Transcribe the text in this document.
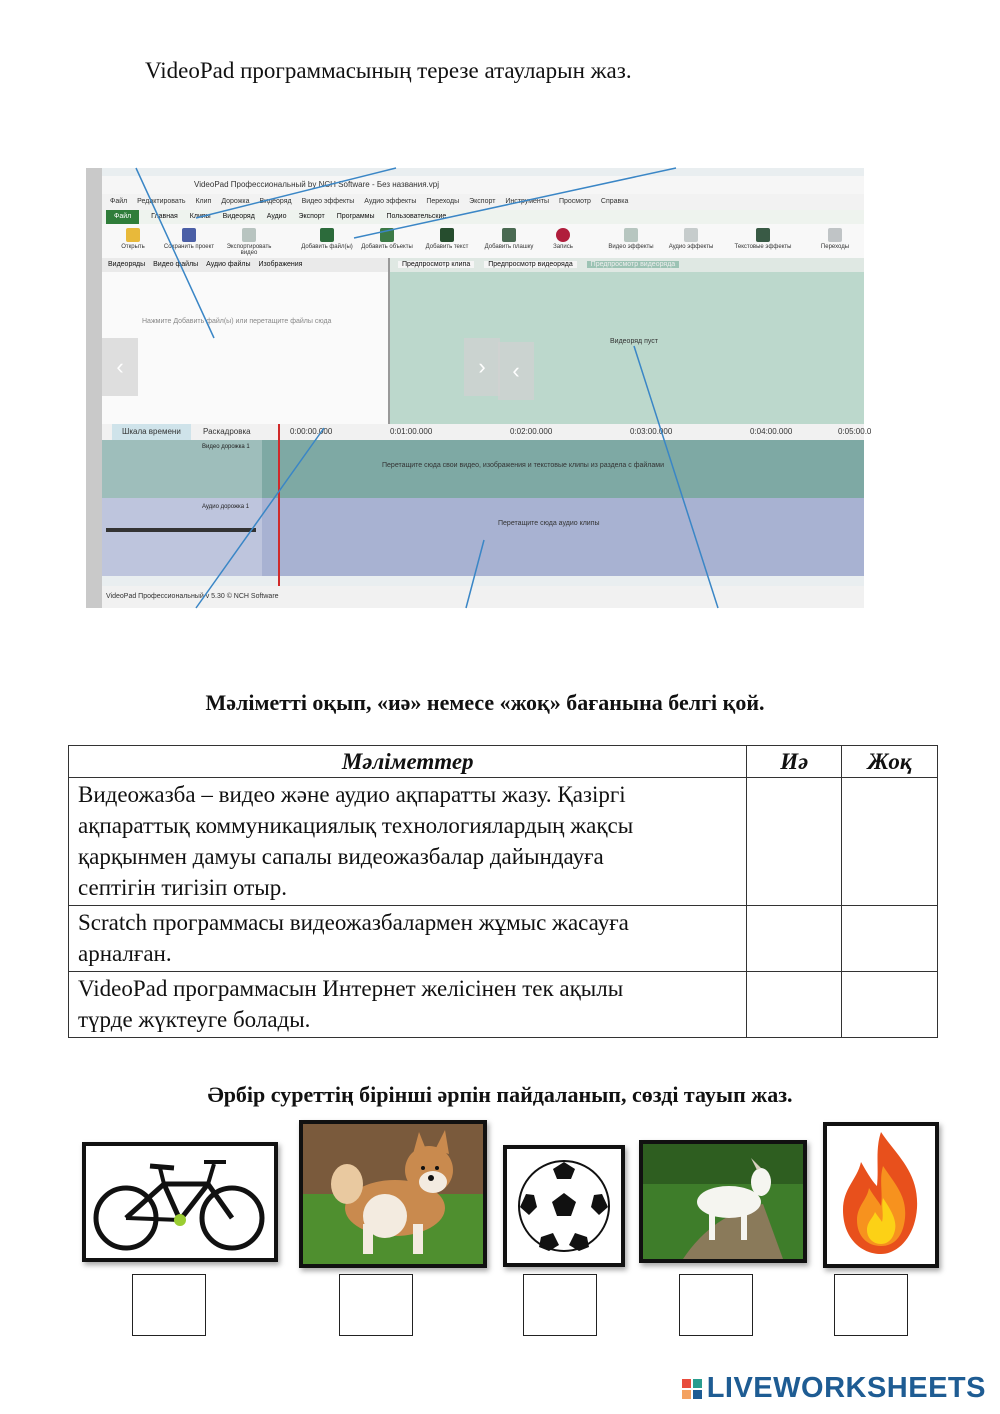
VideoPad программасының терезе атауларын жаз.
VideoPad Профессиональный by NCH Software - Без названия.vpj
Файл Редактировать Клип Дорожка Видеоряд Видео эффекты Аудио эффекты Переходы Экспорт Инструменты Просмотр Справка
Файл	Главная Клипы Видеоряд Аудио Экспорт Программы Пользовательские
Открыть	Сохранить проект	Экспортировать видео
Добавить файл(ы)	Добавить объекты	Добавить текст	Добавить плашку	Запись	Видео эффекты	Аудио эффекты	Текстовые эффекты	Переходы
Видеоряды Видео файлы Аудио файлы Изображения
Нажмите Добавить файл(ы) или перетащите файлы сюда
Предпросмотр клипа	Предпросмотр видеоряда	Предпросмотр видеоряда
Видеоряд пуст
‹	›	‹
Шкала времени	Раскадровка	0:00:00.000	0:01:00.000	0:02:00.000	0:03:00.000	0:04:00.000	0:05:00.0
Видео дорожка 1
Перетащите сюда свои видео, изображения и текстовые клипы из раздела с файлами
Аудио дорожка 1
Перетащите сюда аудио клипы
VideoPad Профессиональный v 5.30 © NCH Software
Мәліметті оқып, «иә» немесе «жоқ» бағанына белгі қой.
Мәліметтер	Иә	Жоқ

Видеожазба – видео және аудио ақпаратты жазу. Қазіргі
ақпараттық коммуникациялық технологиялардың жақсы
қарқынмен дамуы сапалы видеожазбалар дайындауға
септігін тигізіп отыр.		

Scratch программасы видеожазбалармен жұмыс жасауға
арналған.		

VideoPad программасын Интернет желісінен тек ақылы
түрде жүктеуге болады.		

Әрбір суреттің бірінші әрпін пайдаланып, сөзді тауып жаз.
LIVEWORKSHEETS
